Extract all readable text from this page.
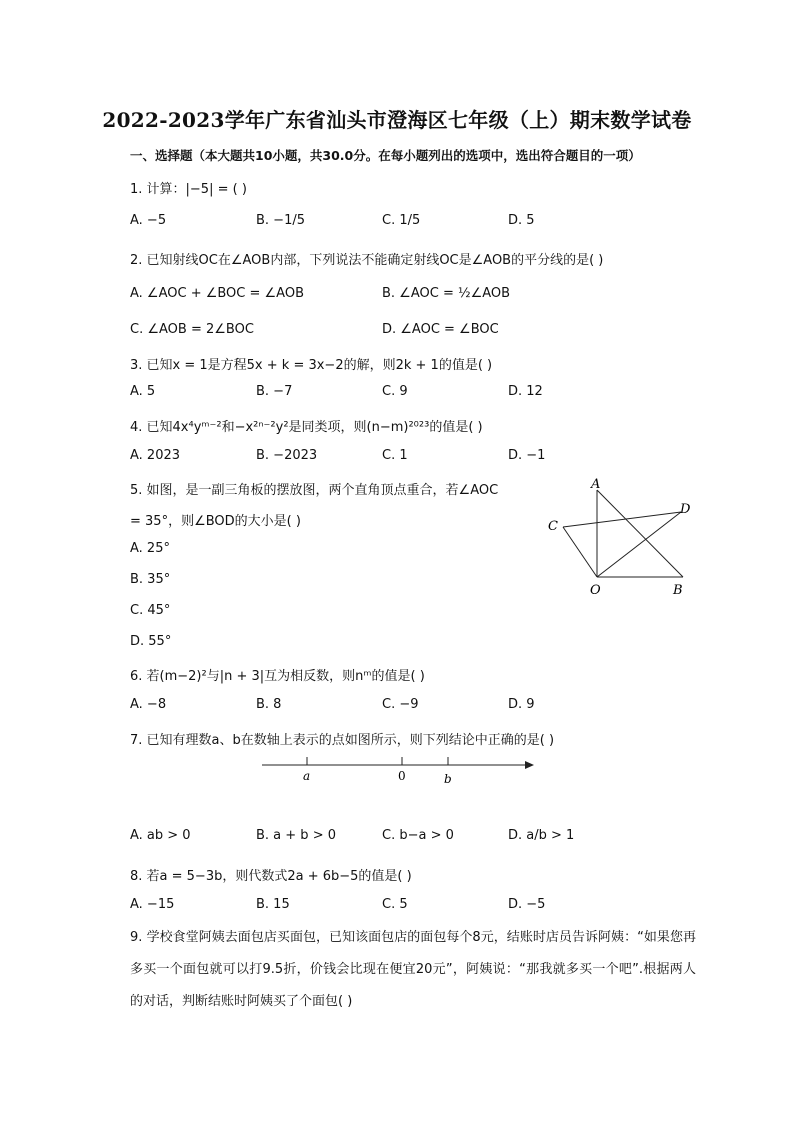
2022-2023学年广东省汕头市澄海区七年级（上）期末数学试卷
一、选择题（本大题共10小题，共30.0分。在每小题列出的选项中，选出符合题目的一项）
1. 计算：|−5| = ( )
A. −5	B. −1/5	C. 1/5	D. 5
2. 已知射线OC在∠AOB内部，下列说法不能确定射线OC是∠AOB的平分线的是( )
A. ∠AOC + ∠BOC = ∠AOB	B. ∠AOC = ½∠AOB
C. ∠AOB = 2∠BOC	D. ∠AOC = ∠BOC
3. 已知x = 1是方程5x + k = 3x−2的解，则2k + 1的值是( )
A. 5	B. −7	C. 9	D. 12
4. 已知4x⁴yᵐ⁻²和−x²ⁿ⁻²y²是同类项，则(n−m)²⁰²³的值是( )
A. 2023	B. −2023	C. 1	D. −1
5. 如图，是一副三角板的摆放图，两个直角顶点重合，若∠AOC
= 35°，则∠BOD的大小是( )
A. 25°
B. 35°
C. 45°
D. 55°
A
D
C
O	B
6. 若(m−2)²与|n + 3|互为相反数，则nᵐ的值是( )
A. −8	B. 8	C. −9	D. 9
7. 已知有理数a、b在数轴上表示的点如图所示，则下列结论中正确的是( )
a	0	b
A. ab > 0	B. a + b > 0	C. b−a > 0	D. a/b > 1
8. 若a = 5−3b，则代数式2a + 6b−5的值是( )
A. −15	B. 15	C. 5	D. −5
9. 学校食堂阿姨去面包店买面包，已知该面包店的面包每个8元，结账时店员告诉阿姨：“如果您再多买一个面包就可以打9.5折，价钱会比现在便宜20元”，阿姨说：“那我就多买一个吧”.根据两人的对话，判断结账时阿姨买了个面包( )
